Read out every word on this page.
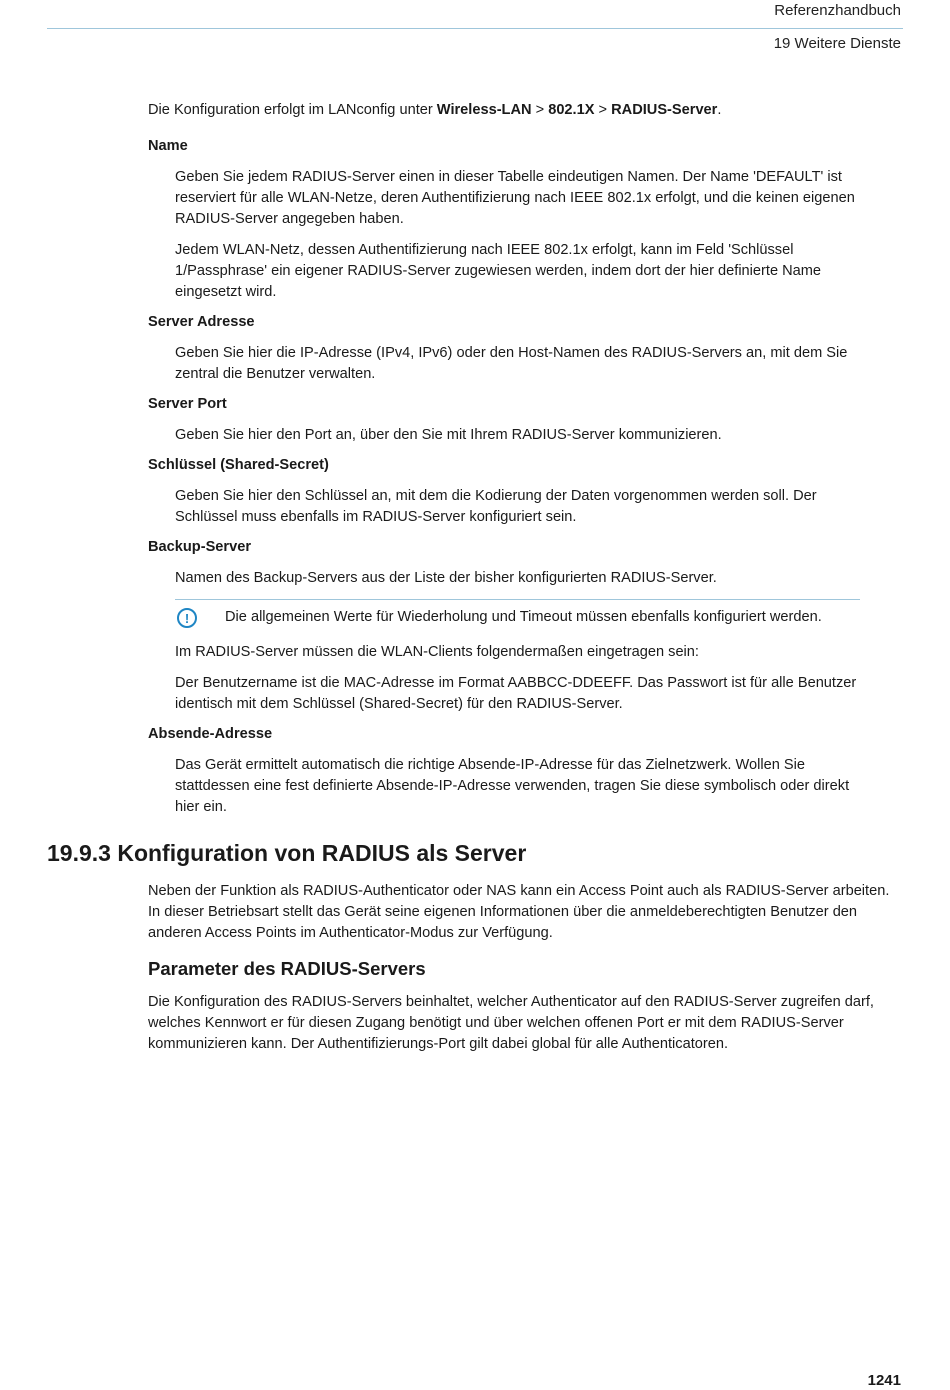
Referenzhandbuch
19 Weitere Dienste

Die Konfiguration erfolgt im LANconfig unter Wireless-LAN > 802.1X > RADIUS-Server.

Name

Geben Sie jedem RADIUS-Server einen in dieser Tabelle eindeutigen Namen. Der Name 'DEFAULT' ist reserviert für alle WLAN-Netze, deren Authentifizierung nach IEEE 802.1x erfolgt, und die keinen eigenen RADIUS-Server angegeben haben.

Jedem WLAN-Netz, dessen Authentifizierung nach IEEE 802.1x erfolgt, kann im Feld 'Schlüssel 1/Passphrase' ein eigener RADIUS-Server zugewiesen werden, indem dort der hier definierte Name eingesetzt wird.

Server Adresse

Geben Sie hier die IP-Adresse (IPv4, IPv6) oder den Host-Namen des RADIUS-Servers an, mit dem Sie zentral die Benutzer verwalten.

Server Port

Geben Sie hier den Port an, über den Sie mit Ihrem RADIUS-Server kommunizieren.

Schlüssel (Shared-Secret)

Geben Sie hier den Schlüssel an, mit dem die Kodierung der Daten vorgenommen werden soll. Der Schlüssel muss ebenfalls im RADIUS-Server konfiguriert sein.

Backup-Server

Namen des Backup-Servers aus der Liste der bisher konfigurierten RADIUS-Server.

!	Die allgemeinen Werte für Wiederholung und Timeout müssen ebenfalls konfiguriert werden.

Im RADIUS-Server müssen die WLAN-Clients folgendermaßen eingetragen sein:

Der Benutzername ist die MAC-Adresse im Format AABBCC-DDEEFF. Das Passwort ist für alle Benutzer identisch mit dem Schlüssel (Shared-Secret) für den RADIUS-Server.

Absende-Adresse

Das Gerät ermittelt automatisch die richtige Absende-IP-Adresse für das Zielnetzwerk. Wollen Sie stattdessen eine fest definierte Absende-IP-Adresse verwenden, tragen Sie diese symbolisch oder direkt hier ein.

19.9.3 Konfiguration von RADIUS als Server

Neben der Funktion als RADIUS-Authenticator oder NAS kann ein Access Point auch als RADIUS-Server arbeiten. In dieser Betriebsart stellt das Gerät seine eigenen Informationen über die anmeldeberechtigten Benutzer den anderen Access Points im Authenticator-Modus zur Verfügung.

Parameter des RADIUS-Servers

Die Konfiguration des RADIUS-Servers beinhaltet, welcher Authenticator auf den RADIUS-Server zugreifen darf, welches Kennwort er für diesen Zugang benötigt und über welchen offenen Port er mit dem RADIUS-Server kommunizieren kann. Der Authentifizierungs-Port gilt dabei global für alle Authenticatoren.

1241
